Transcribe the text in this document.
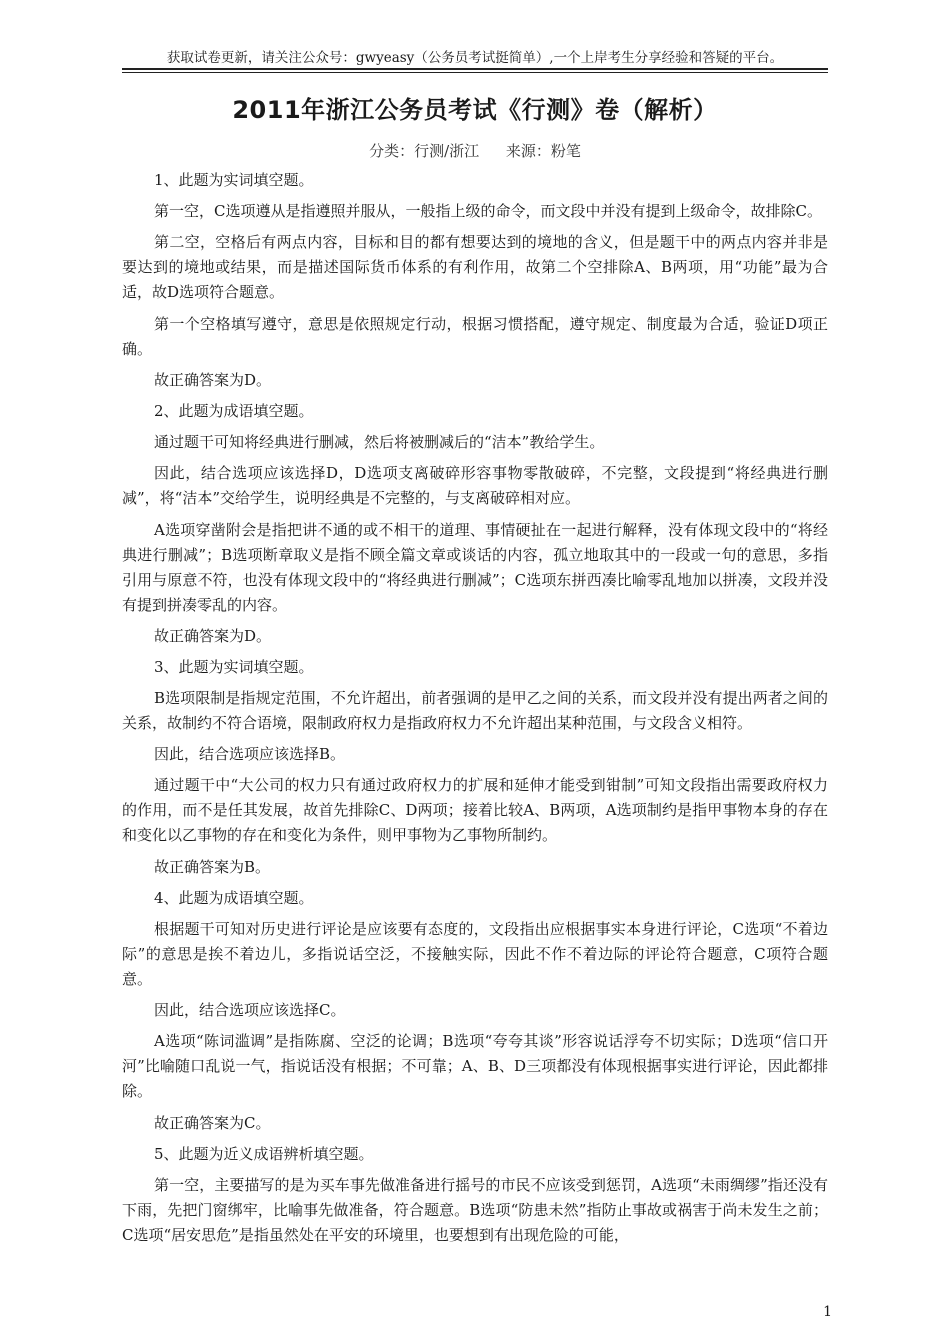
获取试卷更新，请关注公众号：gwyeasy（公务员考试挺简单）,一个上岸考生分享经验和答疑的平台。
2011年浙江公务员考试《行测》卷（解析）
分类：行测/浙江 来源：粉笔

1、此题为实词填空题。

第一空，C选项遵从是指遵照并服从，一般指上级的命令，而文段中并没有提到上级命令，故排除C。

第二空，空格后有两点内容，目标和目的都有想要达到的境地的含义，但是题干中的两点内容并非是要达到的境地或结果，而是描述国际货币体系的有利作用，故第二个空排除A、B两项，用“功能”最为合适，故D选项符合题意。

第一个空格填写遵守，意思是依照规定行动，根据习惯搭配，遵守规定、制度最为合适，验证D项正确。

故正确答案为D。

2、此题为成语填空题。

通过题干可知将经典进行删减，然后将被删减后的“洁本”教给学生。

因此，结合选项应该选择D，D选项支离破碎形容事物零散破碎，不完整，文段提到“将经典进行删减”，将“洁本”交给学生，说明经典是不完整的，与支离破碎相对应。

A选项穿凿附会是指把讲不通的或不相干的道理、事情硬扯在一起进行解释，没有体现文段中的“将经典进行删减”；B选项断章取义是指不顾全篇文章或谈话的内容，孤立地取其中的一段或一句的意思，多指引用与原意不符，也没有体现文段中的“将经典进行删减”；C选项东拼西凑比喻零乱地加以拼凑，文段并没有提到拼凑零乱的内容。

故正确答案为D。

3、此题为实词填空题。

B选项限制是指规定范围，不允许超出，前者强调的是甲乙之间的关系，而文段并没有提出两者之间的关系，故制约不符合语境，限制政府权力是指政府权力不允许超出某种范围，与文段含义相符。

因此，结合选项应该选择B。

通过题干中“大公司的权力只有通过政府权力的扩展和延伸才能受到钳制”可知文段指出需要政府权力的作用，而不是任其发展，故首先排除C、D两项；接着比较A、B两项，A选项制约是指甲事物本身的存在和变化以乙事物的存在和变化为条件，则甲事物为乙事物所制约。

故正确答案为B。

4、此题为成语填空题。

根据题干可知对历史进行评论是应该要有态度的，文段指出应根据事实本身进行评论，C选项“不着边际”的意思是挨不着边儿，多指说话空泛，不接触实际，因此不作不着边际的评论符合题意，C项符合题意。

因此，结合选项应该选择C。

A选项“陈词滥调”是指陈腐、空泛的论调；B选项“夸夸其谈”形容说话浮夸不切实际；D选项“信口开河”比喻随口乱说一气，指说话没有根据；不可靠；A、B、D三项都没有体现根据事实进行评论，因此都排除。

故正确答案为C。

5、此题为近义成语辨析填空题。

第一空，主要描写的是为买车事先做准备进行摇号的市民不应该受到惩罚，A选项“未雨绸缪”指还没有下雨，先把门窗绑牢，比喻事先做准备，符合题意。B选项“防患未然”指防止事故或祸害于尚未发生之前；C选项“居安思危”是指虽然处在平安的环境里，也要想到有出现危险的可能，

1
